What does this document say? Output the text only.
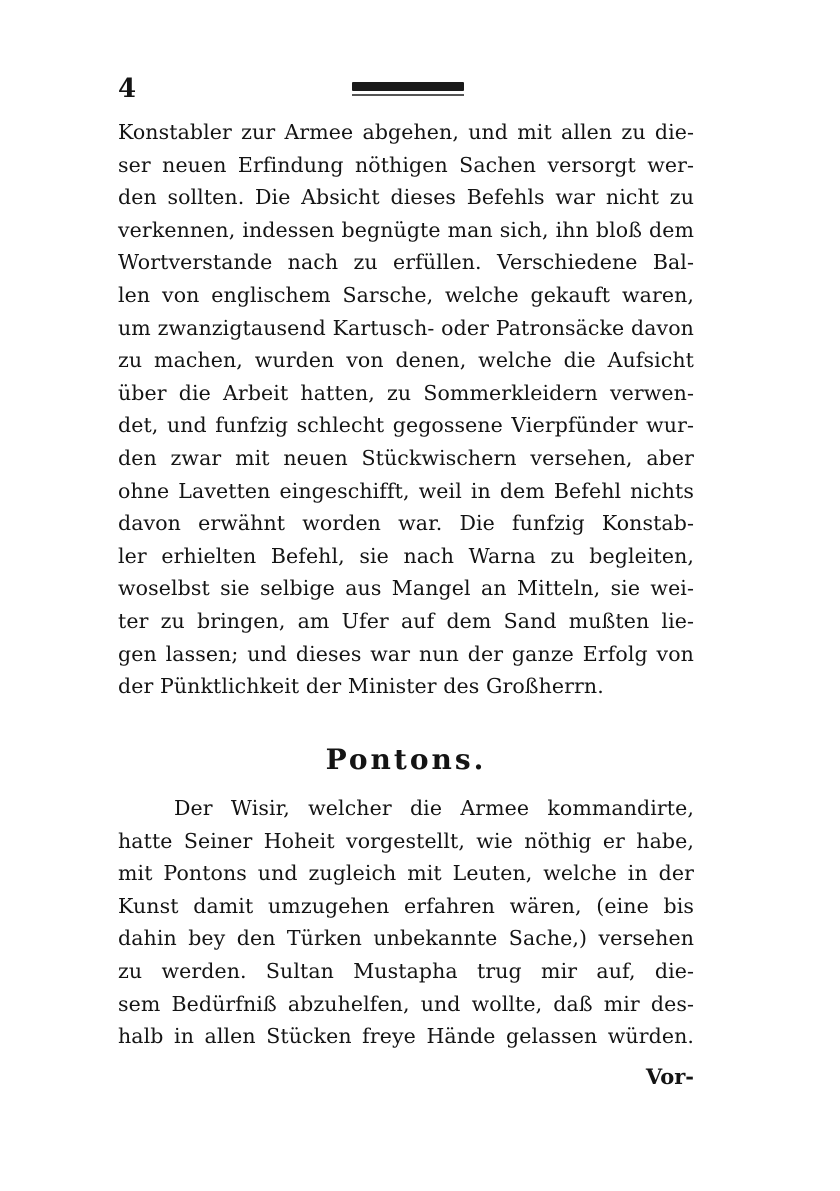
4
Konstabler zur Armee abgehen, und mit allen zu die-
ser neuen Erfindung nöthigen Sachen versorgt wer-
den sollten. Die Absicht dieses Befehls war nicht zu
verkennen, indessen begnügte man sich, ihn bloß dem
Wortverstande nach zu erfüllen. Verschiedene Bal-
len von englischem Sarsche, welche gekauft waren,
um zwanzigtausend Kartusch- oder Patronsäcke davon
zu machen, wurden von denen, welche die Aufsicht
über die Arbeit hatten, zu Sommerkleidern verwen-
det, und funfzig schlecht gegossene Vierpfünder wur-
den zwar mit neuen Stückwischern versehen, aber
ohne Lavetten eingeschifft, weil in dem Befehl nichts
davon erwähnt worden war. Die funfzig Konstab-
ler erhielten Befehl, sie nach Warna zu begleiten,
woselbst sie selbige aus Mangel an Mitteln, sie wei-
ter zu bringen, am Ufer auf dem Sand mußten lie-
gen lassen; und dieses war nun der ganze Erfolg von
der Pünktlichkeit der Minister des Großherrn.
Pontons.
Der Wisir, welcher die Armee kommandirte,
hatte Seiner Hoheit vorgestellt, wie nöthig er habe,
mit Pontons und zugleich mit Leuten, welche in der
Kunst damit umzugehen erfahren wären, (eine bis
dahin bey den Türken unbekannte Sache,) versehen
zu werden. Sultan Mustapha trug mir auf, die-
sem Bedürfniß abzuhelfen, und wollte, daß mir des-
halb in allen Stücken freye Hände gelassen würden.
Vor-
